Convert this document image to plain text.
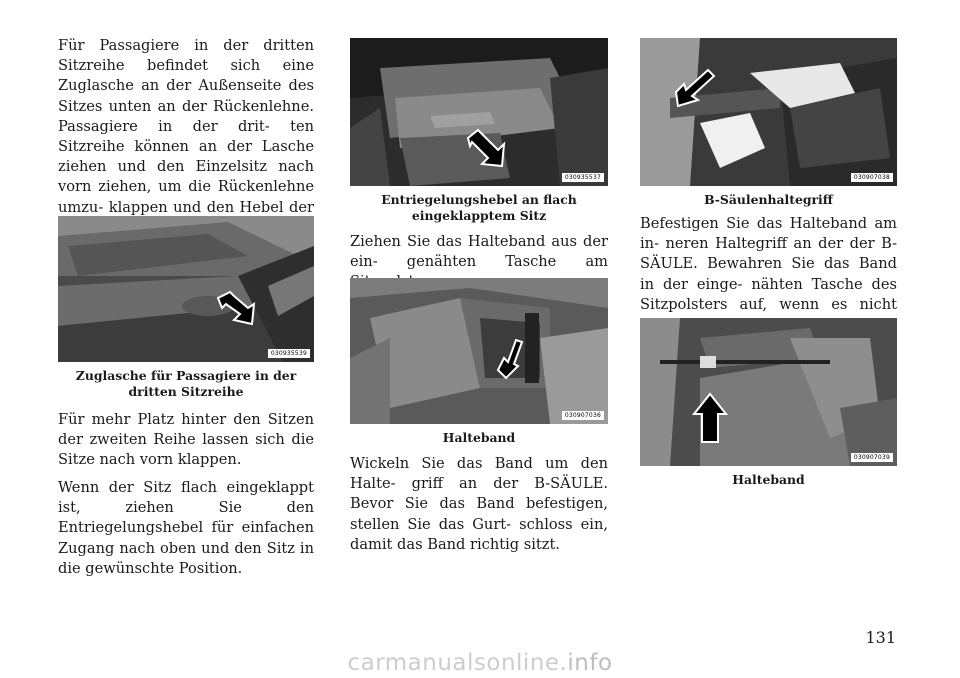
Für Passagiere in der dritten Sitzreihe befindet sich eine Zuglasche an der Außenseite des Sitzes unten an der Rückenlehne. Passagiere in der drit- ten Sitzreihe können an der Lasche ziehen und den Einzelsitz nach vorn ziehen, um die Rückenlehne umzu- klappen und den Hebel der

030935539
Zuglasche für Passagiere in der
dritten Sitzreihe

Für mehr Platz hinter den Sitzen der zweiten Reihe lassen sich die Sitze nach vorn klappen.

Wenn der Sitz flach eingeklappt ist, ziehen Sie den Entriegelungshebel für einfachen Zugang nach oben und den Sitz in die gewünschte Position.

030935537
Entriegelungshebel an flach
eingeklapptem Sitz

Ziehen Sie das Halteband aus der ein- genähten Tasche am

030907036
Halteband

Wickeln Sie das Band um den Halte- griff an der B-SÄULE. Bevor Sie das Band befestigen, stellen Sie das Gurt- schloss ein, damit das Band richtig sitzt.

030907038
B-Säulenhaltegriff

Befestigen Sie das Halteband am in- neren Haltegriff an der der B-SÄULE. Bewahren Sie das Band in der einge- nähten Tasche des Sitzpolsters auf, wenn es nicht

030907039
Halteband
131
carmanualsonline.info
